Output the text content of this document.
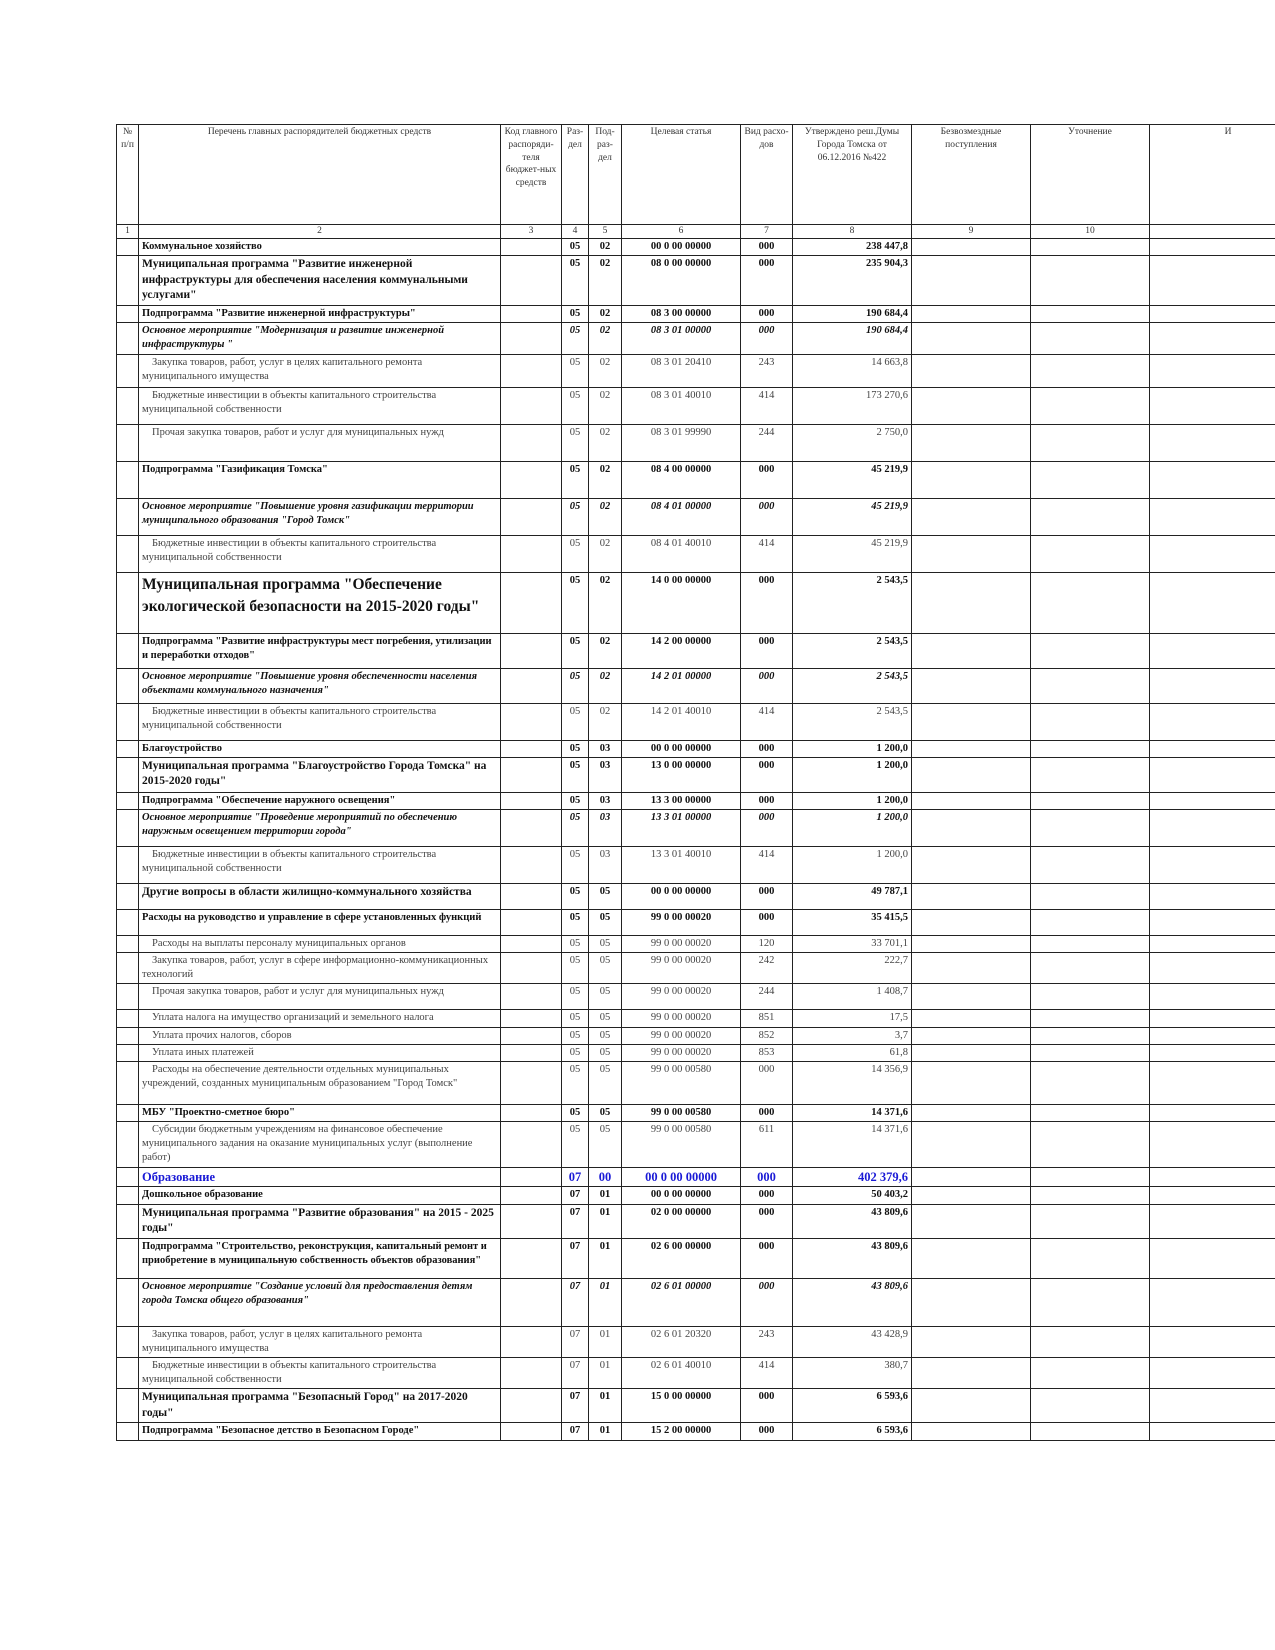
№ п/п	Перечень главных распорядителей бюджетных средств	Код главного распоряди-теля бюджет-ных средств	Раз-дел	Под-раз-дел	Целевая статья	Вид расхо-дов	Утверждено реш.Думы Города Томска от 06.12.2016 №422	Безвозмездные поступления	Уточнение	И
1	2	3	4	5	6	7	8	9	10	
	Коммунальное хозяйство		05	02	00 0 00 00000	000	238 447,8			
	Муниципальная программа "Развитие инженерной инфраструктуры для обеспечения населения коммунальными услугами"		05	02	08 0 00 00000	000	235 904,3			
	Подпрограмма "Развитие инженерной инфраструктуры"		05	02	08 3 00 00000	000	190 684,4			
	Основное мероприятие "Модернизация и развитие инженерной инфраструктуры "		05	02	08 3 01 00000	000	190 684,4			
	Закупка товаров, работ, услуг в целях капитального ремонта муниципального имущества		05	02	08 3 01 20410	243	14 663,8			
	Бюджетные инвестиции в объекты капитального строительства муниципальной собственности		05	02	08 3 01 40010	414	173 270,6			
	Прочая закупка товаров, работ и услуг для муниципальных нужд		05	02	08 3 01 99990	244	2 750,0			
	Подпрограмма "Газификация Томска"		05	02	08 4 00 00000	000	45 219,9			
	Основное мероприятие "Повышение уровня газификации территории муниципального образования "Город Томск"		05	02	08 4 01 00000	000	45 219,9			
	Бюджетные инвестиции в объекты капитального строительства муниципальной собственности		05	02	08 4 01 40010	414	45 219,9			
	Муниципальная программа "Обеспечение экологической безопасности на 2015-2020 годы"		05	02	14 0 00 00000	000	2 543,5			
	Подпрограмма "Развитие инфраструктуры мест погребения, утилизации и переработки отходов"		05	02	14 2 00 00000	000	2 543,5			
	Основное мероприятие "Повышение уровня обеспеченности населения объектами коммунального назначения"		05	02	14 2 01 00000	000	2 543,5			
	Бюджетные инвестиции в объекты капитального строительства муниципальной собственности		05	02	14 2 01 40010	414	2 543,5			
	Благоустройство		05	03	00 0 00 00000	000	1 200,0			
	Муниципальная программа "Благоустройство Города Томска" на 2015-2020 годы"		05	03	13 0 00 00000	000	1 200,0			
	Подпрограмма "Обеспечение наружного освещения"		05	03	13 3 00 00000	000	1 200,0			
	Основное мероприятие "Проведение мероприятий по обеспечению наружным освещением территории города"		05	03	13 3 01 00000	000	1 200,0			
	Бюджетные инвестиции в объекты капитального строительства муниципальной собственности		05	03	13 3 01 40010	414	1 200,0			
	Другие вопросы в области жилищно-коммунального хозяйства		05	05	00 0 00 00000	000	49 787,1			
	Расходы на руководство и управление в сфере установленных функций		05	05	99 0 00 00020	000	35 415,5			
	Расходы на выплаты персоналу муниципальных органов		05	05	99 0 00 00020	120	33 701,1			
	Закупка товаров, работ, услуг в сфере информационно-коммуникационных технологий		05	05	99 0 00 00020	242	222,7			
	Прочая закупка товаров, работ и услуг для муниципальных нужд		05	05	99 0 00 00020	244	1 408,7			
	Уплата налога на имущество организаций и земельного налога		05	05	99 0 00 00020	851	17,5			
	Уплата прочих налогов, сборов		05	05	99 0 00 00020	852	3,7			
	Уплата иных платежей		05	05	99 0 00 00020	853	61,8			
	Расходы на обеспечение деятельности отдельных муниципальных учреждений, созданных муниципальным образованием "Город Томск"		05	05	99 0 00 00580	000	14 356,9			
	МБУ "Проектно-сметное бюро"		05	05	99 0 00 00580	000	14 371,6			
	Субсидии бюджетным учреждениям на финансовое обеспечение муниципального задания на оказание муниципальных услуг (выполнение работ)		05	05	99 0 00 00580	611	14 371,6			
	Образование		07	00	00 0 00 00000	000	402 379,6			
	Дошкольное образование		07	01	00 0 00 00000	000	50 403,2			
	Муниципальная программа "Развитие образования" на 2015 - 2025 годы"		07	01	02 0 00 00000	000	43 809,6			
	Подпрограмма "Строительство, реконструкция, капитальный ремонт и приобретение в муниципальную собственность объектов образования"		07	01	02 6 00 00000	000	43 809,6			
	Основное мероприятие "Создание условий для предоставления детям города Томска общего образования"		07	01	02 6 01 00000	000	43 809,6			
	Закупка товаров, работ, услуг в целях капитального ремонта муниципального имущества		07	01	02 6 01 20320	243	43 428,9			
	Бюджетные инвестиции в объекты капитального строительства муниципальной собственности		07	01	02 6 01 40010	414	380,7			
	Муниципальная программа "Безопасный Город" на 2017-2020 годы"		07	01	15 0 00 00000	000	6 593,6			
	Подпрограмма "Безопасное детство в Безопасном Городе"		07	01	15 2 00 00000	000	6 593,6			
